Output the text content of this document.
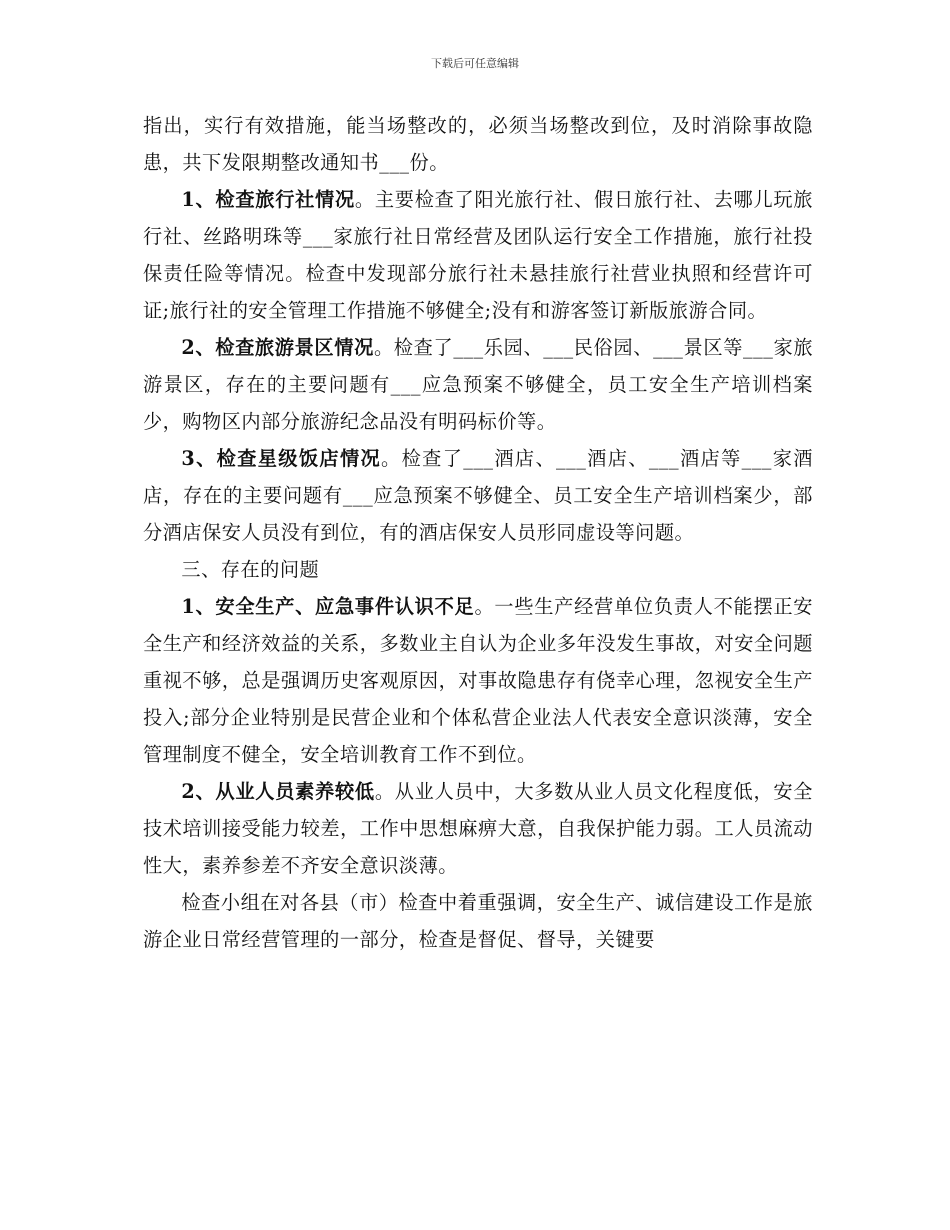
下载后可任意编辑

指出，实行有效措施，能当场整改的，必须当场整改到位，及时消除事故隐患，共下发限期整改通知书___份。

1、检查旅行社情况。主要检查了阳光旅行社、假日旅行社、去哪儿玩旅行社、丝路明珠等___家旅行社日常经营及团队运行安全工作措施，旅行社投保责任险等情况。检查中发现部分旅行社未悬挂旅行社营业执照和经营许可证;旅行社的安全管理工作措施不够健全;没有和游客签订新版旅游合同。

2、检查旅游景区情况。检查了___乐园、___民俗园、___景区等___家旅游景区，存在的主要问题有___应急预案不够健全，员工安全生产培训档案少，购物区内部分旅游纪念品没有明码标价等。

3、检查星级饭店情况。检查了___酒店、___酒店、___酒店等___家酒店，存在的主要问题有___应急预案不够健全、员工安全生产培训档案少，部分酒店保安人员没有到位，有的酒店保安人员形同虚设等问题。

三、存在的问题

1、安全生产、应急事件认识不足。一些生产经营单位负责人不能摆正安全生产和经济效益的关系，多数业主自认为企业多年没发生事故，对安全问题重视不够，总是强调历史客观原因，对事故隐患存有侥幸心理，忽视安全生产投入;部分企业特别是民营企业和个体私营企业法人代表安全意识淡薄，安全管理制度不健全，安全培训教育工作不到位。

2、从业人员素养较低。从业人员中，大多数从业人员文化程度低，安全技术培训接受能力较差，工作中思想麻痹大意，自我保护能力弱。工人员流动性大，素养参差不齐安全意识淡薄。

检查小组在对各县（市）检查中着重强调，安全生产、诚信建设工作是旅游企业日常经营管理的一部分，检查是督促、督导，关键要
